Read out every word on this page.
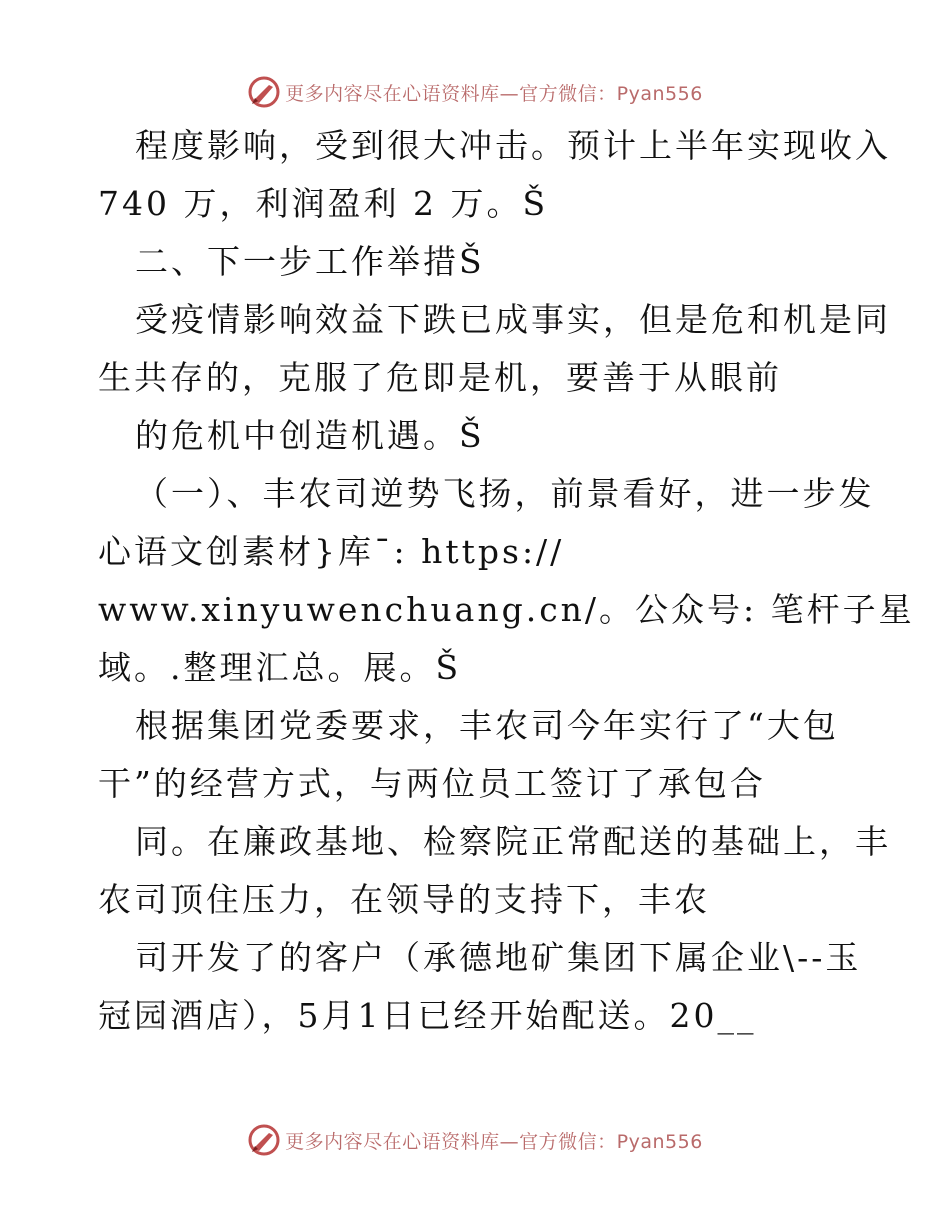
更多内容尽在心语资料库—官方微信：Pyan556
程度影响，受到很大冲击。预计上半年实现收入
740 万，利润盈利 2 万。Š
二、下一步工作举措Š
受疫情影响效益下跌已成事实，但是危和机是同
生共存的，克服了危即是机，要善于从眼前
的危机中创造机遇。Š
（一）、丰农司逆势飞扬，前景看好，进一步发
心语文创素材}库¯: https://
www.xinyuwenchuang.cn/。公众号: 笔杆子星
域。.整理汇总。展。Š
根据集团党委要求，丰农司今年实行了“大包
干”的经营方式，与两位员工签订了承包合
同。在廉政基地、检察院正常配送的基础上，丰
农司顶住压力，在领导的支持下，丰农
司开发了的客户（承德地矿集团下属企业\--玉
冠园酒店），5月1日已经开始配送。20__
更多内容尽在心语资料库—官方微信：Pyan556
